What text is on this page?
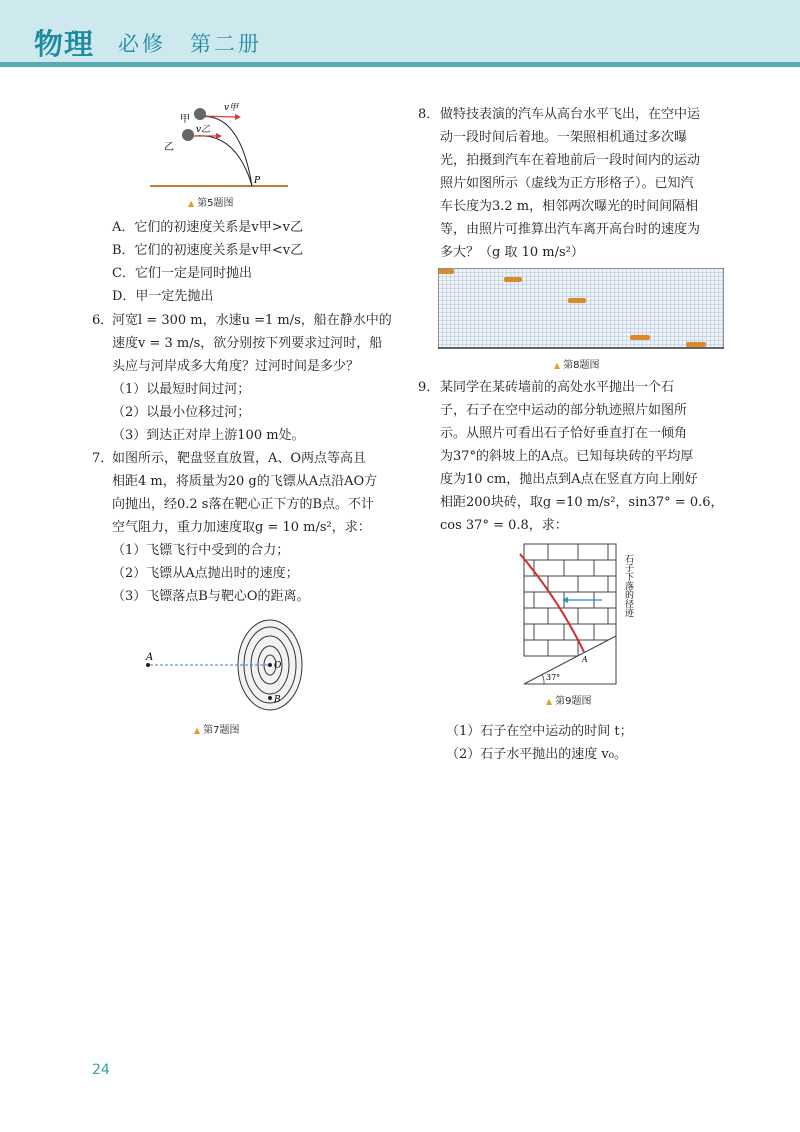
物理 必修　第二册
甲
乙
v甲
v乙
P
▲ 第5题图
A．它们的初速度关系是v甲>v乙
B．它们的初速度关系是v甲<v乙
C．它们一定是同时抛出
D．甲一定先抛出
6．
河宽l = 300 m，水速u =1 m/s，船在静水中的
速度v = 3 m/s，欲分别按下列要求过河时，船
头应与河岸成多大角度？过河时间是多少？
（1）以最短时间过河；
（2）以最小位移过河；
（3）到达正对岸上游100 m处。
7．
如图所示，靶盘竖直放置，A、O两点等高且
相距4 m，将质量为20 g的飞镖从A点沿AO方
向抛出，经0.2 s落在靶心正下方的B点。不计
空气阻力，重力加速度取g = 10 m/s²，求：
（1）飞镖飞行中受到的合力；
（2）飞镖从A点抛出时的速度；
（3）飞镖落点B与靶心O的距离。
A
O
B
▲ 第7题图
8． 做特技表演的汽车从高台水平飞出，在空中运
动一段时间后着地。一架照相机通过多次曝
光，拍摄到汽车在着地前后一段时间内的运动
照片如图所示（虚线为正方形格子）。已知汽
车长度为3.2 m，相邻两次曝光的时间间隔相
等，由照片可推算出汽车离开高台时的速度为
多大？（g 取 10 m/s²）
▲ 第8题图
9． 某同学在某砖墙前的高处水平抛出一个石
子，石子在空中运动的部分轨迹照片如图所
示。从照片可看出石子恰好垂直打在一倾角
为37°的斜坡上的A点。已知每块砖的平均厚
度为10 cm，抛出点到A点在竖直方向上刚好
相距200块砖，取g =10 m/s²，sin37° = 0.6，
cos 37° = 0.8，求：
37°
A
石子下落的径迹
▲ 第9题图
（1）石子在空中运动的时间 t；
（2）石子水平抛出的速度 v₀。
24
